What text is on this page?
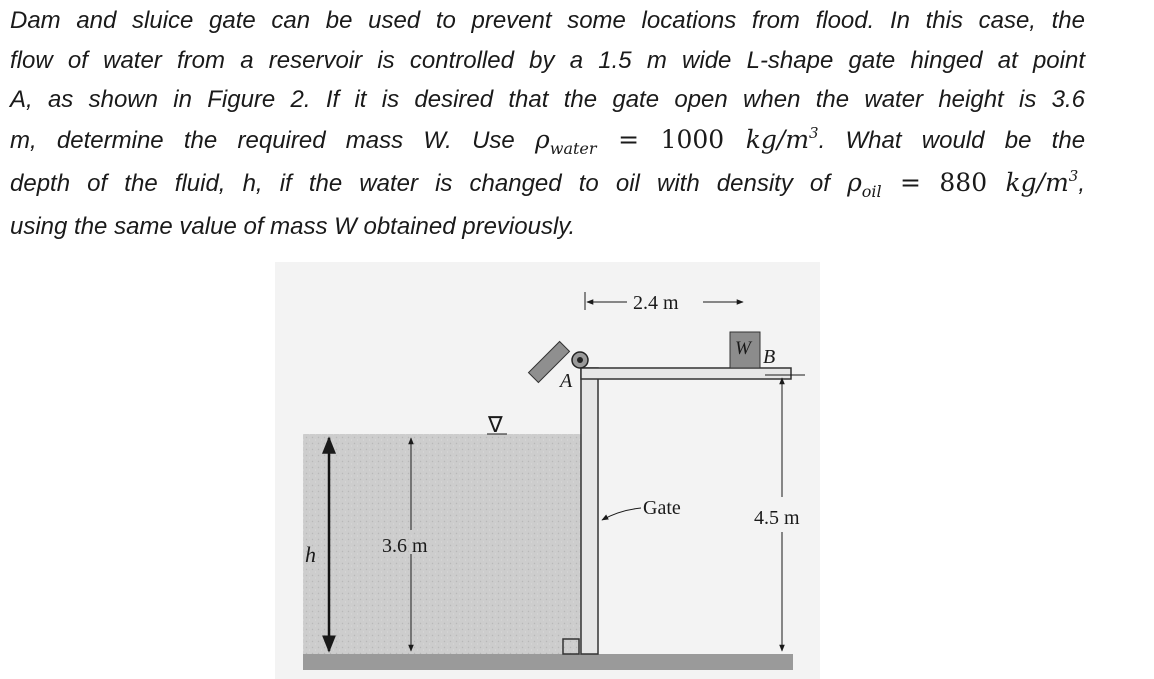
Dam and sluice gate can be used to prevent some locations from flood. In this case, the
flow of water from a reservoir is controlled by a 1.5 m wide L-shape gate hinged at point
A, as shown in Figure 2. If it is desired that the gate open when the water height is 3.6
m, determine the required mass W. Use $\rho_{water} = 1000$ $kg/m^3$. What would be the
depth of the fluid, h, if the water is changed to oil with density of $\rho_{oil} = 880$ $kg/m^3$,
using the same value of mass W obtained previously.
W B
A
2.4 m
4.5 m
Gate
∇
3.6 m
h
